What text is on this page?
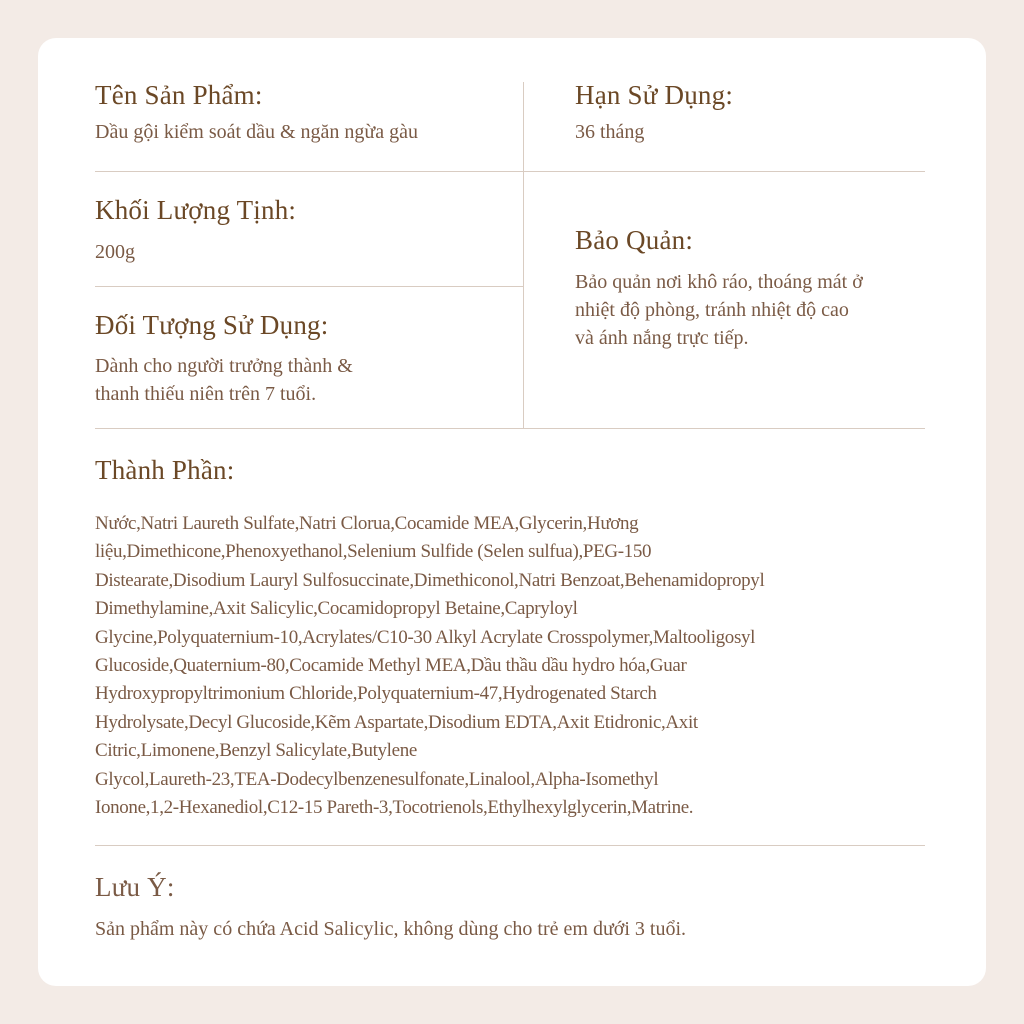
Tên Sản Phẩm:
Dầu gội kiểm soát dầu & ngăn ngừa gàu
Hạn Sử Dụng:
36 tháng
Khối Lượng Tịnh:
200g
Đối Tượng Sử Dụng:
Dành cho người trưởng thành &
thanh thiếu niên trên 7 tuổi.
Bảo Quản:
Bảo quản nơi khô ráo, thoáng mát ở
nhiệt độ phòng, tránh nhiệt độ cao
và ánh nắng trực tiếp.
Thành Phần:
Nước,Natri Laureth Sulfate,Natri Clorua,Cocamide MEA,Glycerin,Hương
liệu,Dimethicone,Phenoxyethanol,Selenium Sulfide (Selen sulfua),PEG-150
Distearate,Disodium Lauryl Sulfosuccinate,Dimethiconol,Natri Benzoat,Behenamidopropyl
Dimethylamine,Axit Salicylic,Cocamidopropyl Betaine,Capryloyl
Glycine,Polyquaternium-10,Acrylates/C10-30 Alkyl Acrylate Crosspolymer,Maltooligosyl
Glucoside,Quaternium-80,Cocamide Methyl MEA,Dầu thầu dầu hydro hóa,Guar
Hydroxypropyltrimonium Chloride,Polyquaternium-47,Hydrogenated Starch
Hydrolysate,Decyl Glucoside,Kẽm Aspartate,Disodium EDTA,Axit Etidronic,Axit
Citric,Limonene,Benzyl Salicylate,Butylene
Glycol,Laureth-23,TEA-Dodecylbenzenesulfonate,Linalool,Alpha-Isomethyl
Ionone,1,2-Hexanediol,C12-15 Pareth-3,Tocotrienols,Ethylhexylglycerin,Matrine.
Lưu Ý:
Sản phẩm này có chứa Acid Salicylic, không dùng cho trẻ em dưới 3 tuổi.
